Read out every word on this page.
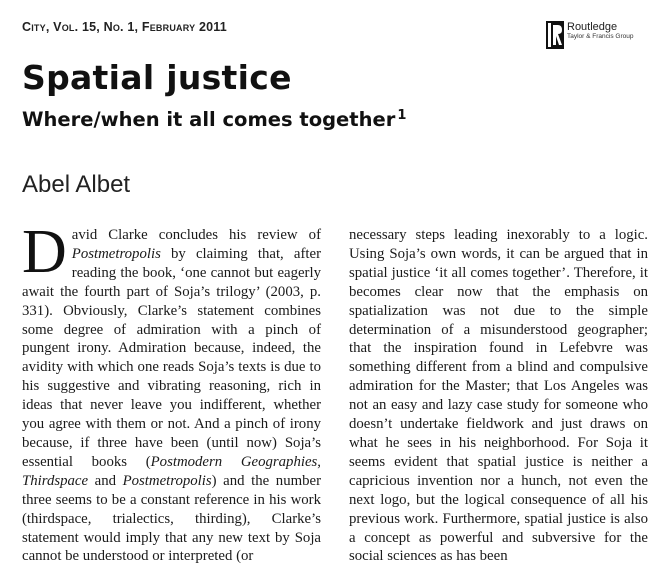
City, Vol. 15, No. 1, February 2011	Routledge
Taylor & Francis Group
Spatial justice
Where/when it all comes together $^1$
Abel Albet

David Clarke concludes his review of Postmetropolis by claiming that, after reading the book, ‘one cannot but eagerly await the fourth part of Soja’s trilogy’ (2003, p. 331). Obviously, Clarke’s statement combines some degree of admiration with a pinch of pungent irony. Admiration because, indeed, the avidity with which one reads Soja’s texts is due to his suggestive and vibrating reasoning, rich in ideas that never leave you indifferent, whether you agree with them or not. And a pinch of irony because, if three have been (until now) Soja’s essential books (Postmodern Geographies, Thirdspace and Postmetropolis) and the number three seems to be a constant reference in his work (thirdspace, trialectics, thirding), Clarke’s statement would imply that any new text by Soja cannot be understood or interpreted (or

necessary steps leading inexorably to a logic. Using Soja’s own words, it can be argued that in spatial justice ‘it all comes together’. Therefore, it becomes clear now that the emphasis on spatialization was not due to the simple determination of a misunderstood geographer; that the inspiration found in Lefebvre was something different from a blind and compulsive admiration for the Master; that Los Angeles was not an easy and lazy case study for someone who doesn’t undertake fieldwork and just draws on what he sees in his neighborhood. For Soja it seems evident that spatial justice is neither a capricious invention nor a hunch, not even the next logo, but the logical consequence of all his previous work. Furthermore, spatial justice is also a concept as powerful and subversive for the social sciences as has been
